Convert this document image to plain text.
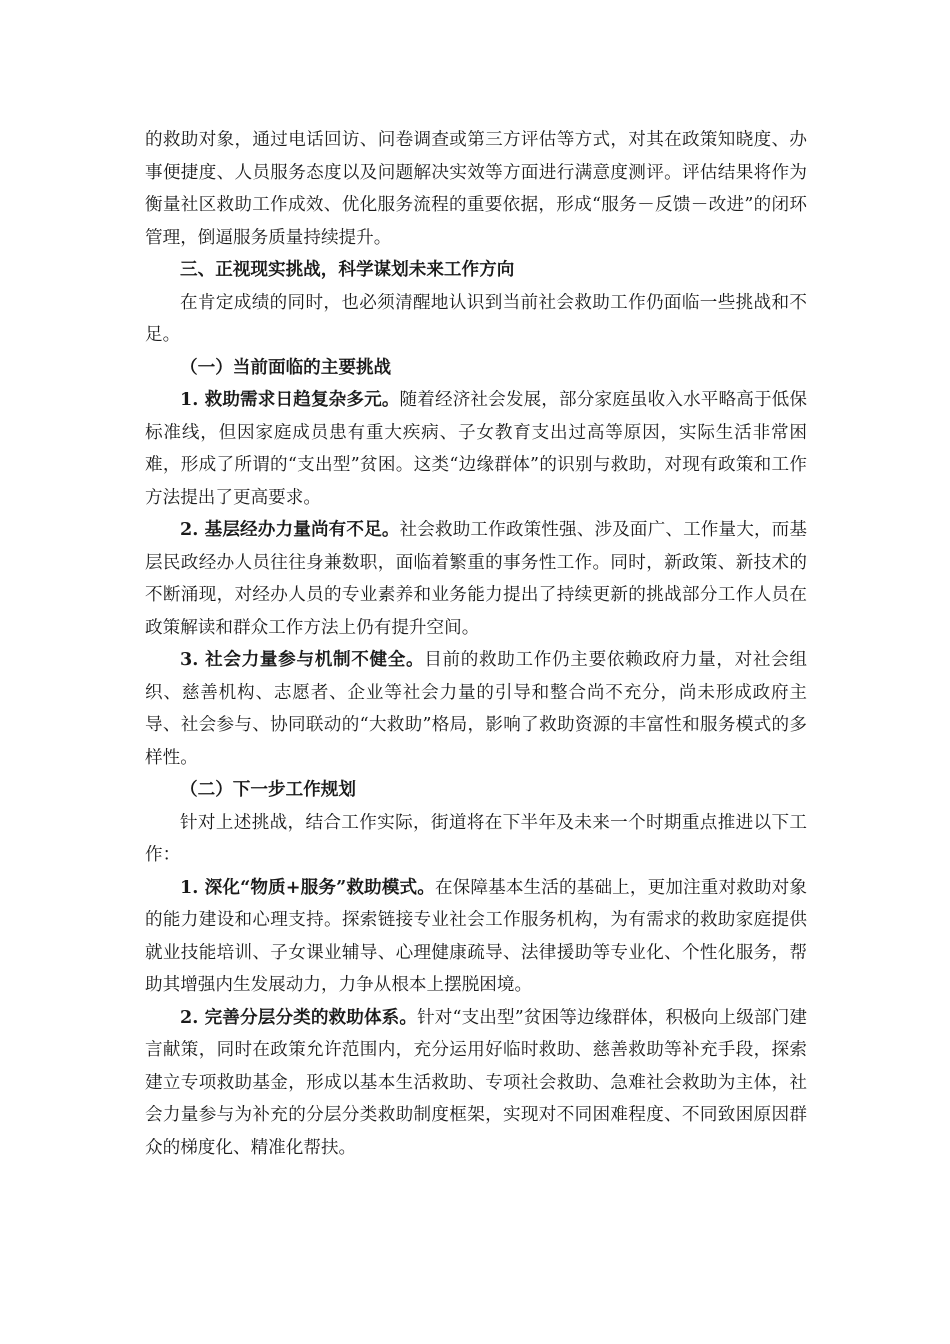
的救助对象，通过电话回访、问卷调查或第三方评估等方式，对其在政策知晓度、办事便捷度、人员服务态度以及问题解决实效等方面进行满意度测评。评估结果将作为衡量社区救助工作成效、优化服务流程的重要依据，形成“服务－反馈－改进”的闭环管理，倒逼服务质量持续提升。

三、正视现实挑战，科学谋划未来工作方向

在肯定成绩的同时，也必须清醒地认识到当前社会救助工作仍面临一些挑战和不足。

（一）当前面临的主要挑战

1. 救助需求日趋复杂多元。随着经济社会发展，部分家庭虽收入水平略高于低保标准线，但因家庭成员患有重大疾病、子女教育支出过高等原因，实际生活非常困难，形成了所谓的“支出型”贫困。这类“边缘群体”的识别与救助，对现有政策和工作方法提出了更高要求。

2. 基层经办力量尚有不足。社会救助工作政策性强、涉及面广、工作量大，而基层民政经办人员往往身兼数职，面临着繁重的事务性工作。同时，新政策、新技术的不断涌现，对经办人员的专业素养和业务能力提出了持续更新的挑战部分工作人员在政策解读和群众工作方法上仍有提升空间。

3. 社会力量参与机制不健全。目前的救助工作仍主要依赖政府力量，对社会组织、慈善机构、志愿者、企业等社会力量的引导和整合尚不充分，尚未形成政府主导、社会参与、协同联动的“大救助”格局，影响了救助资源的丰富性和服务模式的多样性。

（二）下一步工作规划

针对上述挑战，结合工作实际，街道将在下半年及未来一个时期重点推进以下工作：

1. 深化“物质+服务”救助模式。在保障基本生活的基础上，更加注重对救助对象的能力建设和心理支持。探索链接专业社会工作服务机构，为有需求的救助家庭提供就业技能培训、子女课业辅导、心理健康疏导、法律援助等专业化、个性化服务，帮助其增强内生发展动力，力争从根本上摆脱困境。

2. 完善分层分类的救助体系。针对“支出型”贫困等边缘群体，积极向上级部门建言献策，同时在政策允许范围内，充分运用好临时救助、慈善救助等补充手段，探索建立专项救助基金，形成以基本生活救助、专项社会救助、急难社会救助为主体，社会力量参与为补充的分层分类救助制度框架，实现对不同困难程度、不同致困原因群众的梯度化、精准化帮扶。
